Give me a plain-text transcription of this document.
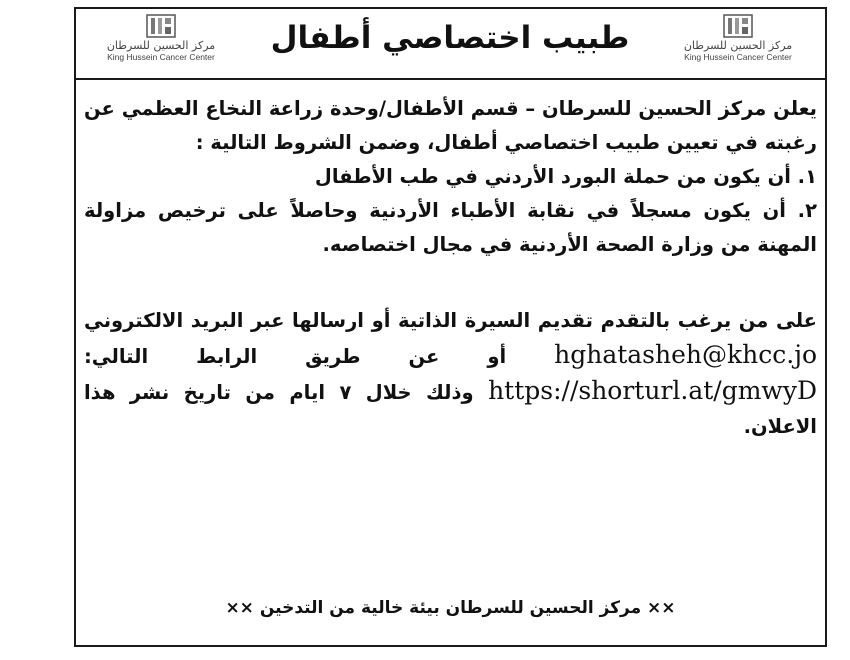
مركز الحسين للسرطان
King Hussein Cancer Center
مركز الحسين للسرطان
King Hussein Cancer Center
طبيب اختصاصي أطفال

يعلن مركز الحسين للسرطان – قسم الأطفال/وحدة زراعة النخاع العظمي عن رغبته في تعيين طبيب اختصاصي أطفال، وضمن الشروط التالية :

١. أن يكون من حملة البورد الأردني في طب الأطفال

٢. أن يكون مسجلاً في نقابة الأطباء الأردنية وحاصلاً على ترخيص مزاولة المهنة من وزارة الصحة الأردنية في مجال اختصاصه.

على من يرغب بالتقدم تقديم السيرة الذاتية أو ارسالها عبر البريد الالكتروني hghatasheh@khcc.jo أو عن طريق الرابط التالي: https://shorturl.at/gmwyD وذلك خلال ٧ ايام من تاريخ نشر هذا الاعلان.

×× مركز الحسين للسرطان بيئة خالية من التدخين ××
